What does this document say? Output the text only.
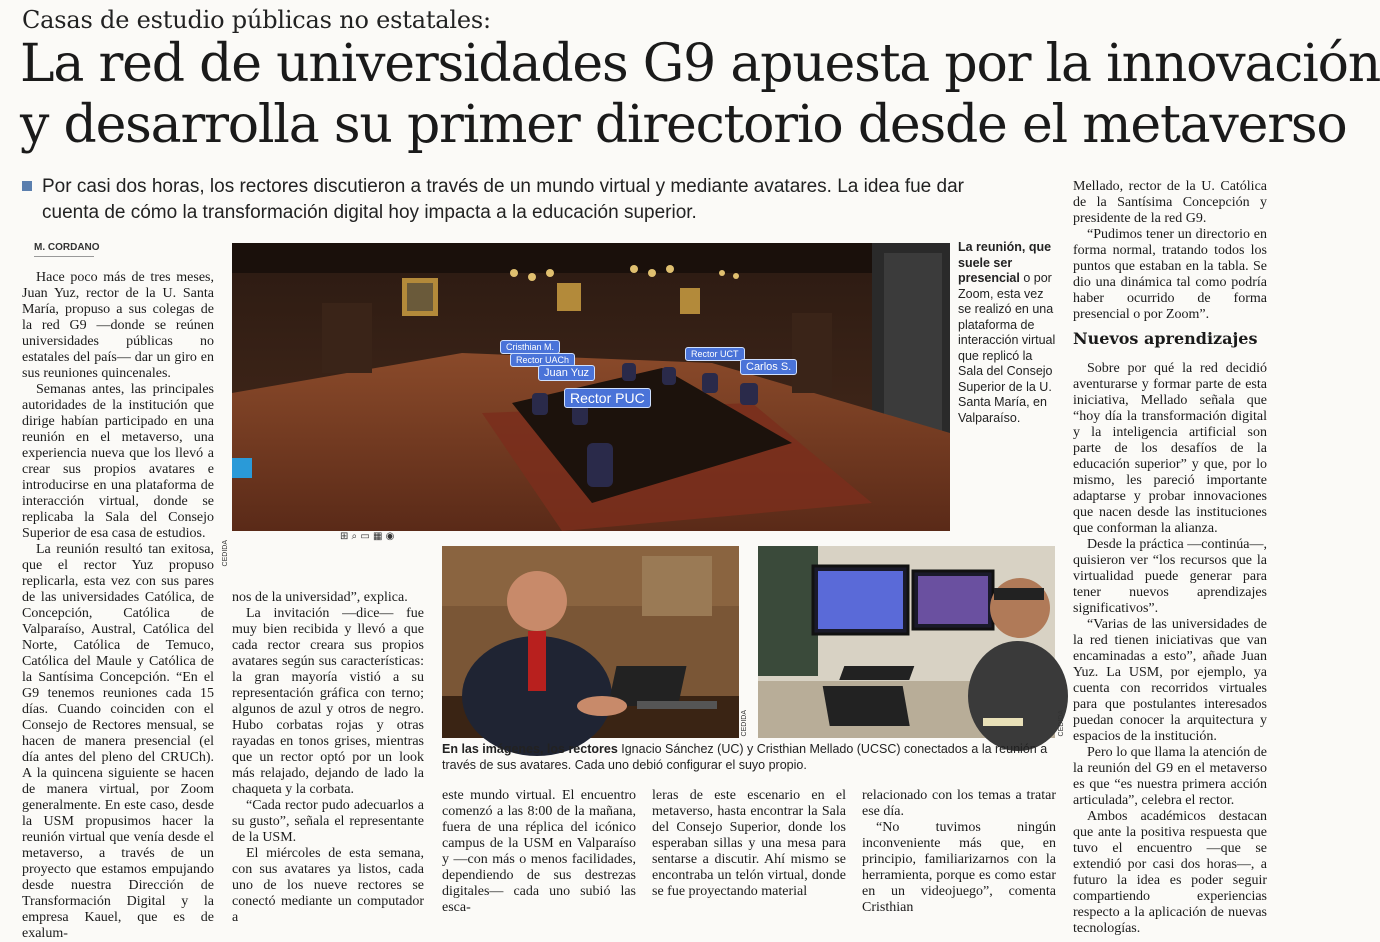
Casas de estudio públicas no estatales:
La red de universidades G9 apuesta por la innovación
y desarrolla su primer directorio desde el metaverso
Por casi dos horas, los rectores discutieron a través de un mundo virtual y mediante avatares. La idea fue dar
cuenta de cómo la transformación digital hoy impacta a la educación superior.
M. CORDANO

Hace poco más de tres meses, Juan Yuz, rector de la U. Santa María, propuso a sus colegas de la red G9 —donde se reúnen universidades públicas no estatales del país— dar un giro en sus reuniones quincenales.

Semanas antes, las principales autoridades de la institución que dirige habían participado en una reunión en el metaverso, una experiencia nueva que los llevó a crear sus propios avatares e introducirse en una plataforma de interacción virtual, donde se replicaba la Sala del Consejo Superior de esa casa de estudios.

La reunión resultó tan exitosa, que el rector Yuz propuso replicarla, esta vez con sus pares de las universidades Católica, de Concepción, Católica de Valparaíso, Austral, Católica del Norte, Católica de Temuco, Católica del Maule y Católica de la Santísima Concepción. “En el G9 tenemos reuniones cada 15 días. Cuando coinciden con el Consejo de Rectores mensual, se hacen de manera presencial (el día antes del pleno del CRUCh). A la quincena siguiente se hacen de manera virtual, por Zoom generalmente. En este caso, desde la USM propusimos hacer la reunión virtual que venía desde el metaverso, a través de un proyecto que estamos empujando desde nuestra Dirección de Transformación Digital y la empresa Kauel, que es de exalum-

Cristhian M.
Rector UACh
Juan Yuz
Rector PUC
Rector UCT
Carlos S.
⊞ ⌕ ▭ ▦ ◉
CEDIDA
La reunión, que suele ser presencial o por Zoom, esta vez se realizó en una plataforma de interacción virtual que replicó la Sala del Consejo Superior de la U. Santa María, en Valparaíso.

nos de la universidad”, explica.

La invitación —dice— fue muy bien recibida y llevó a que cada rector creara sus propios avatares según sus características: la gran mayoría vistió a su representación gráfica con terno; algunos de azul y otros de negro. Hubo corbatas rojas y otras rayadas en tonos grises, mientras que un rector optó por un look más relajado, dejando de lado la chaqueta y la corbata.

“Cada rector pudo adecuarlos a su gusto”, señala el representante de la USM.

El miércoles de esta semana, con sus avatares ya listos, cada uno de los nueve rectores se conectó mediante un computador a

CEDIDA	CEDIDA
En las imágenes, los rectores Ignacio Sánchez (UC) y Cristhian Mellado (UCSC) conectados a la reunión a través de sus avatares. Cada uno debió configurar el suyo propio.

este mundo virtual. El encuentro comenzó a las 8:00 de la mañana, fuera de una réplica del icónico campus de la USM en Valparaíso y —con más o menos facilidades, dependiendo de sus destrezas digitales— cada uno subió las esca-

leras de este escenario en el metaverso, hasta encontrar la Sala del Consejo Superior, donde los esperaban sillas y una mesa para sentarse a discutir. Ahí mismo se encontraba un telón virtual, donde se fue proyectando material

relacionado con los temas a tratar ese día.

“No tuvimos ningún inconveniente más que, en principio, familiarizarnos con la herramienta, porque es como estar en un videojuego”, comenta Cristhian

Mellado, rector de la U. Católica de la Santísima Concepción y presidente de la red G9.

“Pudimos tener un directorio en forma normal, tratando todos los puntos que estaban en la tabla. Se dio una dinámica tal como podría haber ocurrido de forma presencial o por Zoom”.

Nuevos aprendizajes

Sobre por qué la red decidió aventurarse y formar parte de esta iniciativa, Mellado señala que “hoy día la transformación digital y la inteligencia artificial son parte de los desafíos de la educación superior” y que, por lo mismo, les pareció importante adaptarse y probar innovaciones que nacen desde las instituciones que conforman la alianza.

Desde la práctica —continúa—, quisieron ver “los recursos que la virtualidad puede generar para tener nuevos aprendizajes significativos”.

“Varias de las universidades de la red tienen iniciativas que van encaminadas a esto”, añade Juan Yuz. La USM, por ejemplo, ya cuenta con recorridos virtuales para que postulantes interesados puedan conocer la arquitectura y espacios de la institución.

Pero lo que llama la atención de la reunión del G9 en el metaverso es que “es nuestra primera acción articulada”, celebra el rector.

Ambos académicos destacan que ante la positiva respuesta que tuvo el encuentro —que se extendió por casi dos horas—, a futuro la idea es poder seguir compartiendo experiencias respecto a la aplicación de nuevas tecnologías.
